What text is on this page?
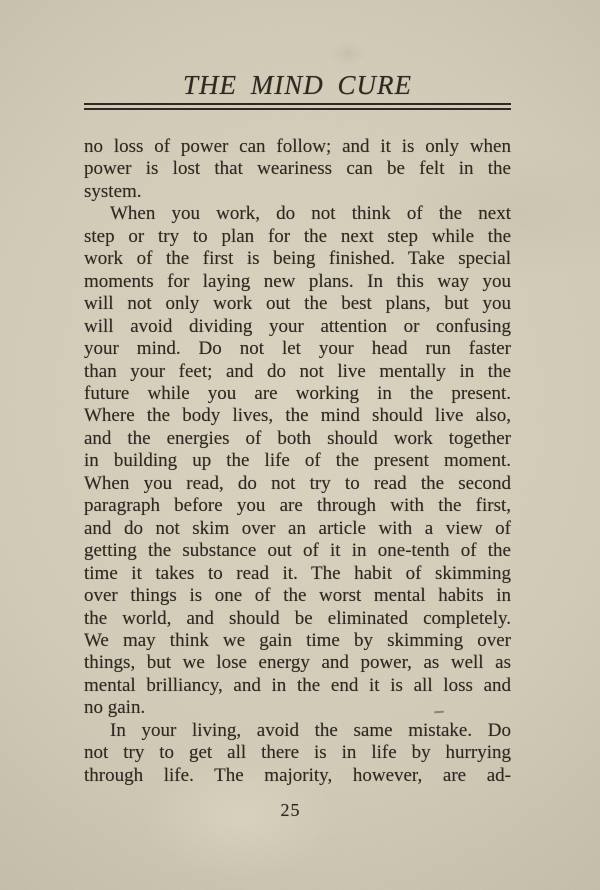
THE MIND CURE
no loss of power can follow; and it is only when
power is lost that weariness can be felt in the
system.
When you work, do not think of the next
step or try to plan for the next step while the
work of the first is being finished. Take special
moments for laying new plans. In this way you
will not only work out the best plans, but you
will avoid dividing your attention or confusing
your mind. Do not let your head run faster
than your feet; and do not live mentally in the
future while you are working in the present.
Where the body lives, the mind should live also,
and the energies of both should work together
in building up the life of the present moment.
When you read, do not try to read the second
paragraph before you are through with the first,
and do not skim over an article with a view of
getting the substance out of it in one-tenth of the
time it takes to read it. The habit of skimming
over things is one of the worst mental habits in
the world, and should be eliminated completely.
We may think we gain time by skimming over
things, but we lose energy and power, as well as
mental brilliancy, and in the end it is all loss and
no gain.
In your living, avoid the same mistake. Do
not try to get all there is in life by hurrying
through life. The majority, however, are ad-
25
